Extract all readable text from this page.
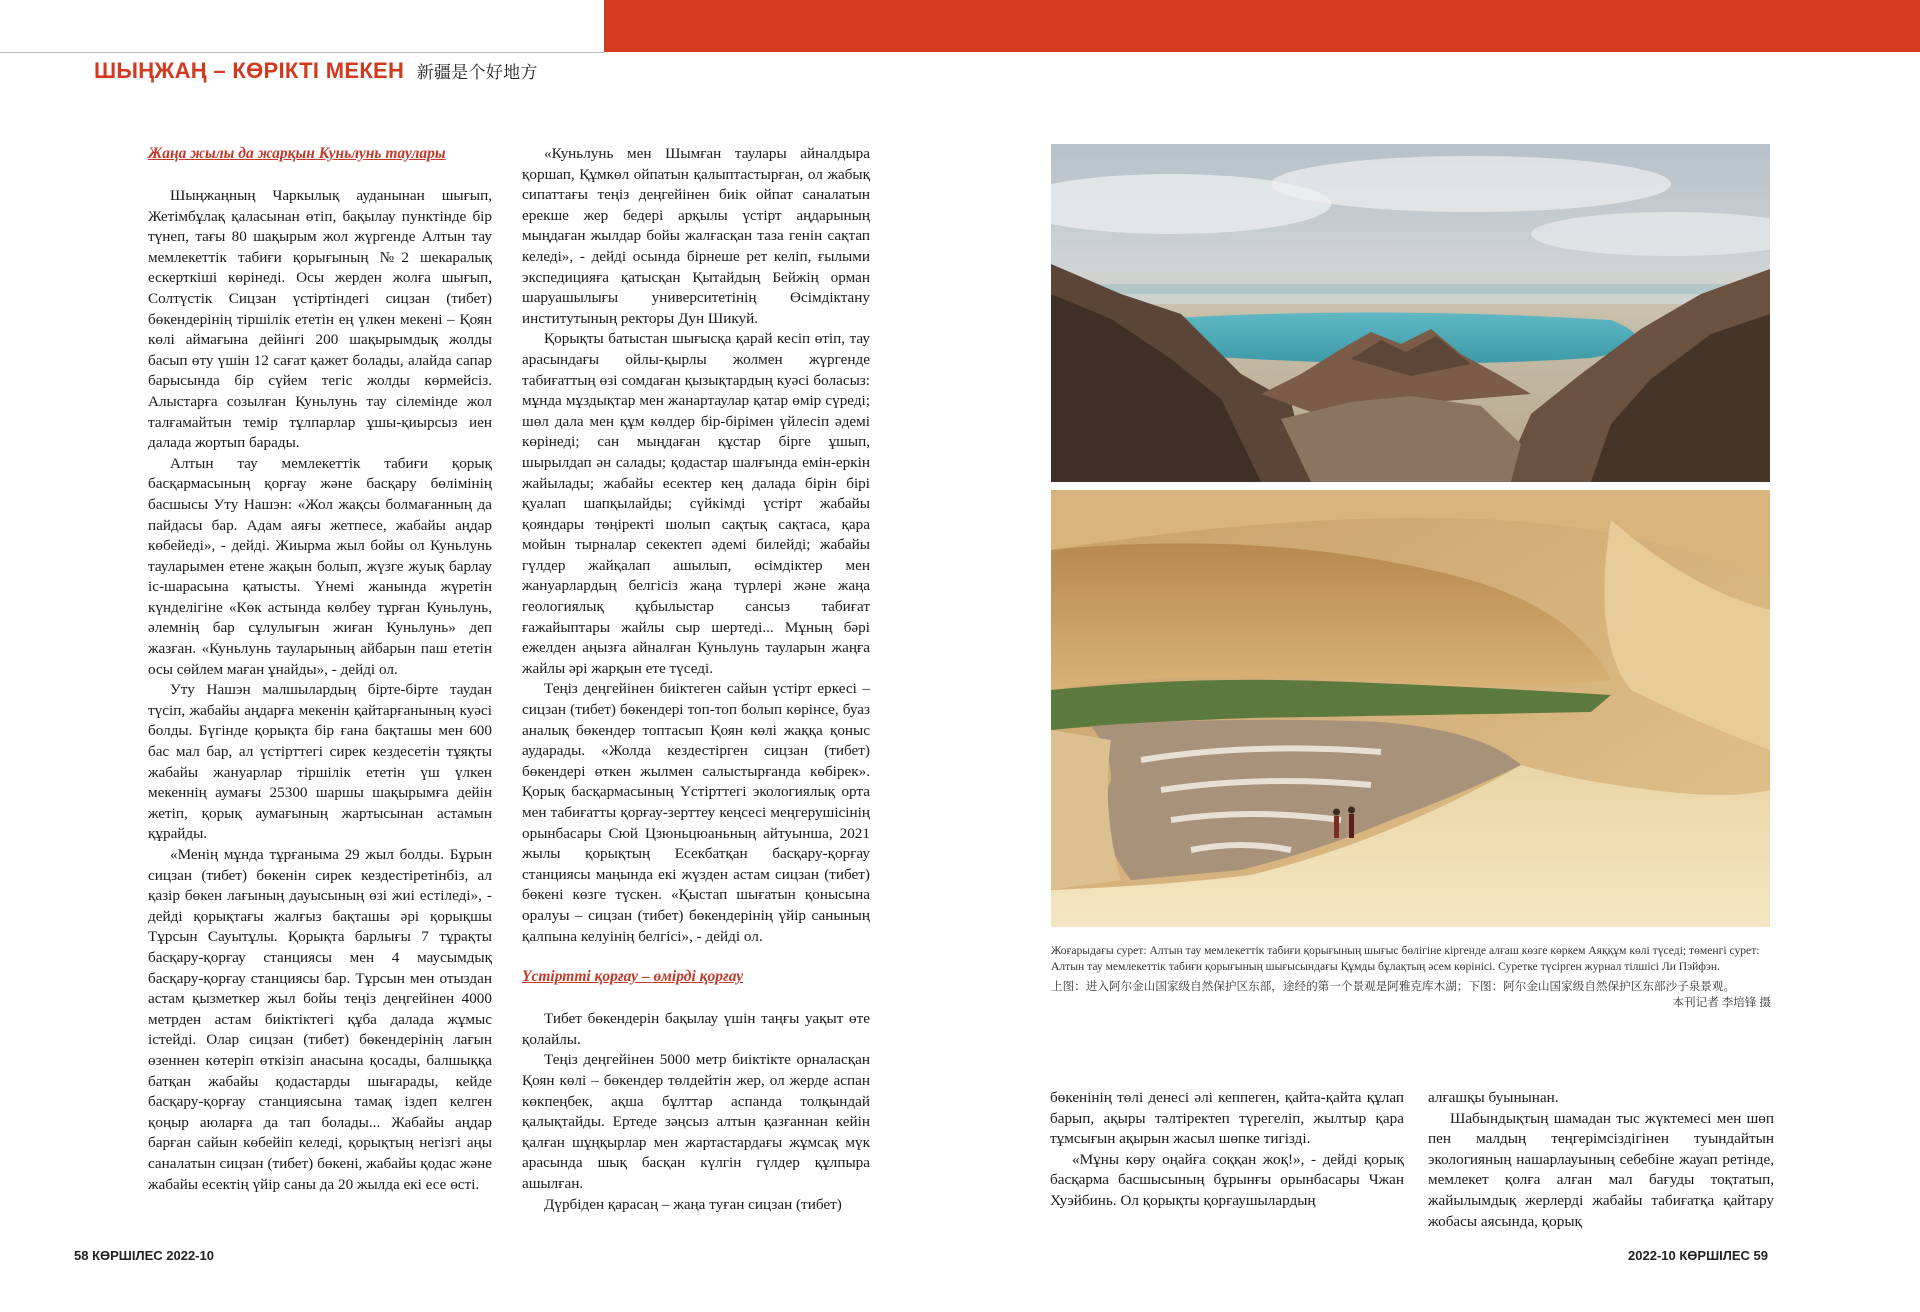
ШЫҢЖАҢ – КӨРІКТІ МЕКЕН 新疆是个好地方
Жаңа жылы да жарқын Куньлунь таулары

Шыңжаңның Чаркылық ауданынан шығып, Жетімбұлақ қаласынан өтіп, бақылау пунктінде бір түнеп, тағы 80 шақырым жол жүргенде Алтын тау мемлекеттік табиғи қорығының №2 шекаралық ескерткіші көрінеді. Осы жерден жолға шығып, Солтүстік Сицзан үстіртіндегі сицзан (тибет) бөкендерінің тіршілік ететін ең үлкен мекені – Қоян көлі аймағына дейінгі 200 шақырымдық жолды басып өту үшін 12 сағат қажет болады, алайда сапар барысында бір сүйем тегіс жолды көрмейсіз. Алыстарға созылған Куньлунь тау сілемінде жол талғамайтын темір тұлпарлар ұшы-қиырсыз иен далада жортып барады.

Алтын тау мемлекеттік табиғи қорық басқармасының қорғау және басқару бөлімінің басшысы Уту Нашэн: «Жол жақсы болмағанның да пайдасы бар. Адам аяғы жетпесе, жабайы аңдар көбейеді», - дейді. Жиырма жыл бойы ол Куньлунь тауларымен етене жақын болып, жүзге жуық барлау іс-шарасына қатысты. Үнемі жанында жүретін күнделігіне «Көк астында көлбеу тұрған Куньлунь, әлемнің бар сұлулығын жиған Куньлунь» деп жазған. «Куньлунь тауларының айбарын паш ететін осы сөйлем маған ұнайды», - дейді ол.

Уту Нашэн малшылардың бірте-бірте таудан түсіп, жабайы аңдарға мекенін қайтарғанының куәсі болды. Бүгінде қорықта бір ғана бақташы мен 600 бас мал бар, ал үстірттегі сирек кездесетін тұяқты жабайы жануарлар тіршілік ететін үш үлкен мекеннің аумағы 25300 шаршы шақырымға дейін жетіп, қорық аумағының жартысынан астамын құрайды.

«Менің мұнда тұрғаныма 29 жыл болды. Бұрын сицзан (тибет) бөкенін сирек кездестіретінбіз, ал қазір бөкен лағының дауысының өзі жиі естіледі», - дейді қорықтағы жалғыз бақташы әрі қорықшы Тұрсын Сауытұлы. Қорықта барлығы 7 тұрақты басқару-қорғау станциясы мен 4 маусымдық басқару-қорғау станциясы бар. Тұрсын мен отыздан астам қызметкер жыл бойы теңіз деңгейінен 4000 метрден астам биіктіктегі құба далада жұмыс істейді. Олар сицзан (тибет) бөкендерінің лағын өзеннен көтеріп өткізіп анасына қосады, балшыққа батқан жабайы қодастарды шығарады, кейде басқару-қорғау станциясына тамақ іздеп келген қоңыр аюларға да тап болады... Жабайы аңдар барған сайын көбейіп келеді, қорықтың негізгі аңы саналатын сицзан (тибет) бөкені, жабайы қодас және жабайы есектің үйір саны да 20 жылда екі есе өсті.

«Куньлунь мен Шымған таулары айналдыра қоршап, Құмкөл ойпатын қалыптастырған, ол жабық сипаттағы теңіз деңгейінен биік ойпат саналатын ерекше жер бедері арқылы үстірт аңдарының мыңдаған жылдар бойы жалғасқан таза генін сақтап келеді», - дейді осында бірнеше рет келіп, ғылыми экспедицияға қатысқан Қытайдың Бейжің орман шаруашылығы университетінің Өсімдіктану институтының ректоры Дун Шикуй.

Қорықты батыстан шығысқа қарай кесіп өтіп, тау арасындағы ойлы-қырлы жолмен жүргенде табиғаттың өзі сомдаған қызықтардың куәсі боласыз: мұнда мұздықтар мен жанартаулар қатар өмір сүреді; шөл дала мен құм көлдер бір-бірімен үйлесіп әдемі көрінеді; сан мыңдаған құстар бірге ұшып, шырылдап ән салады; қодастар шалғында емін-еркін жайылады; жабайы есектер кең далада бірін бірі қуалап шапқылайды; сүйкімді үстірт жабайы қояндары төңіректі шолып сақтық сақтаса, қара мойын тырналар секектеп әдемі билейді; жабайы гүлдер жайқалап ашылып, өсімдіктер мен жануарлардың белгісіз жаңа түрлері және жаңа геологиялық құбылыстар сансыз табиғат ғажайыптары жайлы сыр шертеді... Мұның бәрі ежелден аңызға айналған Куньлунь тауларын жаңға жайлы әрі жарқын ете түседі.

Теңіз деңгейінен биіктеген сайын үстірт еркесі – сицзан (тибет) бөкендері топ-топ болып көрінсе, буаз аналық бөкендер топтасып Қоян көлі жаққа қоныс аударады. «Жолда кездестірген сицзан (тибет) бөкендері өткен жылмен салыстырғанда көбірек». Қорық басқармасының Үстірттегі экологиялық орта мен табиғатты қорғау-зерттеу кеңсесі меңгерушісінің орынбасары Сюй Цзюньцюаньның айтуынша, 2021 жылы қорықтың Есекбатқан басқару-қорғау станциясы маңында екі жүзден астам сицзан (тибет) бөкені көзге түскен. «Қыстап шығатын қонысына оралуы – сицзан (тибет) бөкендерінің үйір санының қалпына келуінің белгісі», - дейді ол.

Үстіртті қорғау – өмірді қорғау

Тибет бөкендерін бақылау үшін таңғы уақыт өте қолайлы.

Теңіз деңгейінен 5000 метр биіктікте орналасқан Қоян көлі – бөкендер төлдейтін жер, ол жерде аспан көкпеңбек, ақша бұлттар аспанда толқындай қалықтайды. Ертеде зәңсыз алтын қазғаннан кейін қалған шұңқырлар мен жартастардағы жұмсақ мүк арасында шық басқан күлгін гүлдер құлпыра ашылған.

Дүрбіден қарасаң – жаңа туған сицзан (тибет)

Жоғарыдағы сурет: Алтын тау мемлекеттік табиғи қорығының шығыс бөлігіне кіргенде алғаш көзге көркем Аяққұм көлі түседі; төменгі сурет: Алтын тау мемлекеттік табиғи қорығының шығысындағы Құмды бұлақтың әсем көрінісі. Суретке түсірген журнал тілшісі Ли Пэйфэн.

上图：进入阿尔金山国家级自然保护区东部，途经的第一个景观是阿雅克库木湖；下图：阿尔金山国家级自然保护区东部沙子泉景观。

本刊记者 李培锋 摄

бөкенінің төлі денесі әлі кеппеген, қайта-қайта құлап барып, ақыры тәлтіректеп түрегеліп, жылтыр қара тұмсығын ақырын жасыл шөпке тигізді.

«Мұны көру оңайға соққан жоқ!», - дейді қорық басқарма басшысының бұрынғы орынбасары Чжан Хуэйбинь. Ол қорықты қорғаушылардың

алғашқы буынынан.

Шабындықтың шамадан тыс жүктемесі мен шөп пен малдың теңгерімсіздігінен туындайтын экологияның нашарлауының себебіне жауап ретінде, мемлекет қолға алған мал бағуды тоқтатып, жайылымдық жерлерді жабайы табиғатқа қайтару жобасы аясында, қорық

58 КӨРШІЛЕС 2022-10	2022-10 КӨРШІЛЕС 59
